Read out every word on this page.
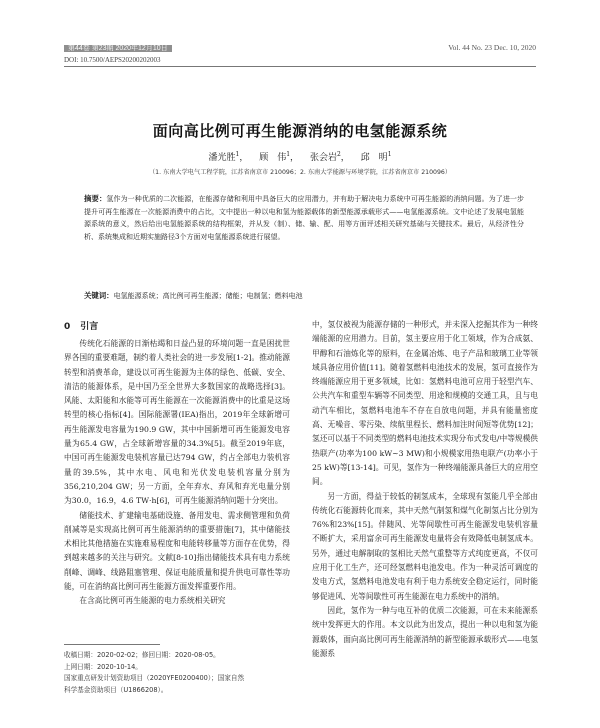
第44卷 第23期 2020年12月10日	Vol. 44 No. 23 Dec. 10, 2020
DOI: 10.7500/AEPS20200202003
面向高比例可再生能源消纳的电氢能源系统
潘光胜$^1$， 顾　伟$^1$， 张会岩$^2$， 邱　明$^1$
（1. 东南大学电气工程学院，江苏省南京市 210096；2. 东南大学能源与环境学院，江苏省南京市 210096）
摘要：氢作为一种优质的二次能源，在能源存储和利用中具备巨大的应用潜力，并有助于解决电力系统中可再生能源的消纳问题。为了进一步提升可再生能源在一次能源消费中的占比，文中提出一种以电和氢为能源载体的新型能源承载形式——电氢能源系统。文中论述了发展电氢能源系统的意义，然后给出电氢能源系统的结构框架，并从发（制）、储、输、配、用等方面评述相关研究基础与关键技术。最后，从经济性分析、系统集成和近期实施路径3个方面对电氢能源系统进行展望。
关键词：电氢能源系统；高比例可再生能源；储能；电制氢；燃料电池
0 引言

传统化石能源的日渐枯竭和日益凸显的环境问题一直是困扰世界各国的重要难题，制约着人类社会的进一步发展[1-2]。推动能源转型和消费革命，建设以可再生能源为主体的绿色、低碳、安全、清洁的能源体系，是中国乃至全世界大多数国家的战略选择[3]。风能、太阳能和水能等可再生能源在一次能源消费中的比重是这场转型的核心指标[4]。国际能源署(IEA)指出，2019年全球新增可再生能源发电容量为190.9 GW，其中中国新增可再生能源发电容量为65.4 GW，占全球新增容量的34.3%[5]。截至2019年底，中国可再生能源发电装机容量已达794 GW，约占全部电力装机容量的39.5%，其中水电、风电和光伏发电装机容量分别为356,210,204 GW；另一方面，全年弃水、弃风和弃光电量分别为30.0，16.9，4.6 TW·h[6]，可再生能源消纳问题十分突出。

储能技术、扩建输电基础设施、备用发电、需求侧管理和负荷削减等是实现高比例可再生能源消纳的重要措施[7]，其中储能技术相比其他措施在实施难易程度和电能转移量等方面存在优势，得到越来越多的关注与研究。文献[8-10]指出储能技术具有电力系统削峰、调峰、线路阻塞管理、保证电能质量和提升供电可靠性等功能，可在消纳高比例可再生能源方面发挥重要作用。

在含高比例可再生能源的电力系统相关研究

中，氢仅被视为能源存储的一种形式，并未深入挖掘其作为一种终端能源的应用潜力。目前，氢主要应用于化工领域，作为合成氨、甲醇和石油炼化等的原料，在金属冶炼、电子产品和玻璃工业等领域具备应用价值[11]。随着氢燃料电池技术的发展，氢可直接作为终端能源应用于更多领域，比如：氢燃料电池可应用于轻型汽车、公共汽车和重型车辆等不同类型、用途和规模的交通工具，且与电动汽车相比，氢燃料电池车不存在自放电问题，并具有能量密度高、无噪音、零污染、续航里程长、燃料加注时间短等优势[12]；氢还可以基于不同类型的燃料电池技术实现分布式发电/中等规模供热联产(功率为100 kW~3 MW)和小规模家用热电联产(功率小于25 kW)等[13-14]。可见，氢作为一种终端能源具备巨大的应用空间。

另一方面，得益于较低的制氢成本，全球现有氢能几乎全部由传统化石能源转化而来，其中天然气制氢和煤气化制氢占比分别为76%和23%[15]。伴随风、光等间歇性可再生能源发电装机容量不断扩大，采用富余可再生能源发电量将会有效降低电制氢成本。另外，通过电解制取的氢相比天然气重整等方式纯度更高，不仅可应用于化工生产，还可经氢燃料电池发电。作为一种灵活可调度的发电方式，氢燃料电池发电有利于电力系统安全稳定运行，同时能够促进风、光等间歇性可再生能源在电力系统中的消纳。

因此，氢作为一种与电互补的优质二次能源，可在未来能源系统中发挥更大的作用。本文以此为出发点，提出一种以电和氢为能源载体，面向高比例可再生能源消纳的新型能源承载形式——电氢能源系

收稿日期：2020-02-02；修回日期：2020-08-05。
上网日期：2020-10-14。
国家重点研发计划资助项目（2020YFE0200400）；国家自然
科学基金资助项目（U1866208）。
